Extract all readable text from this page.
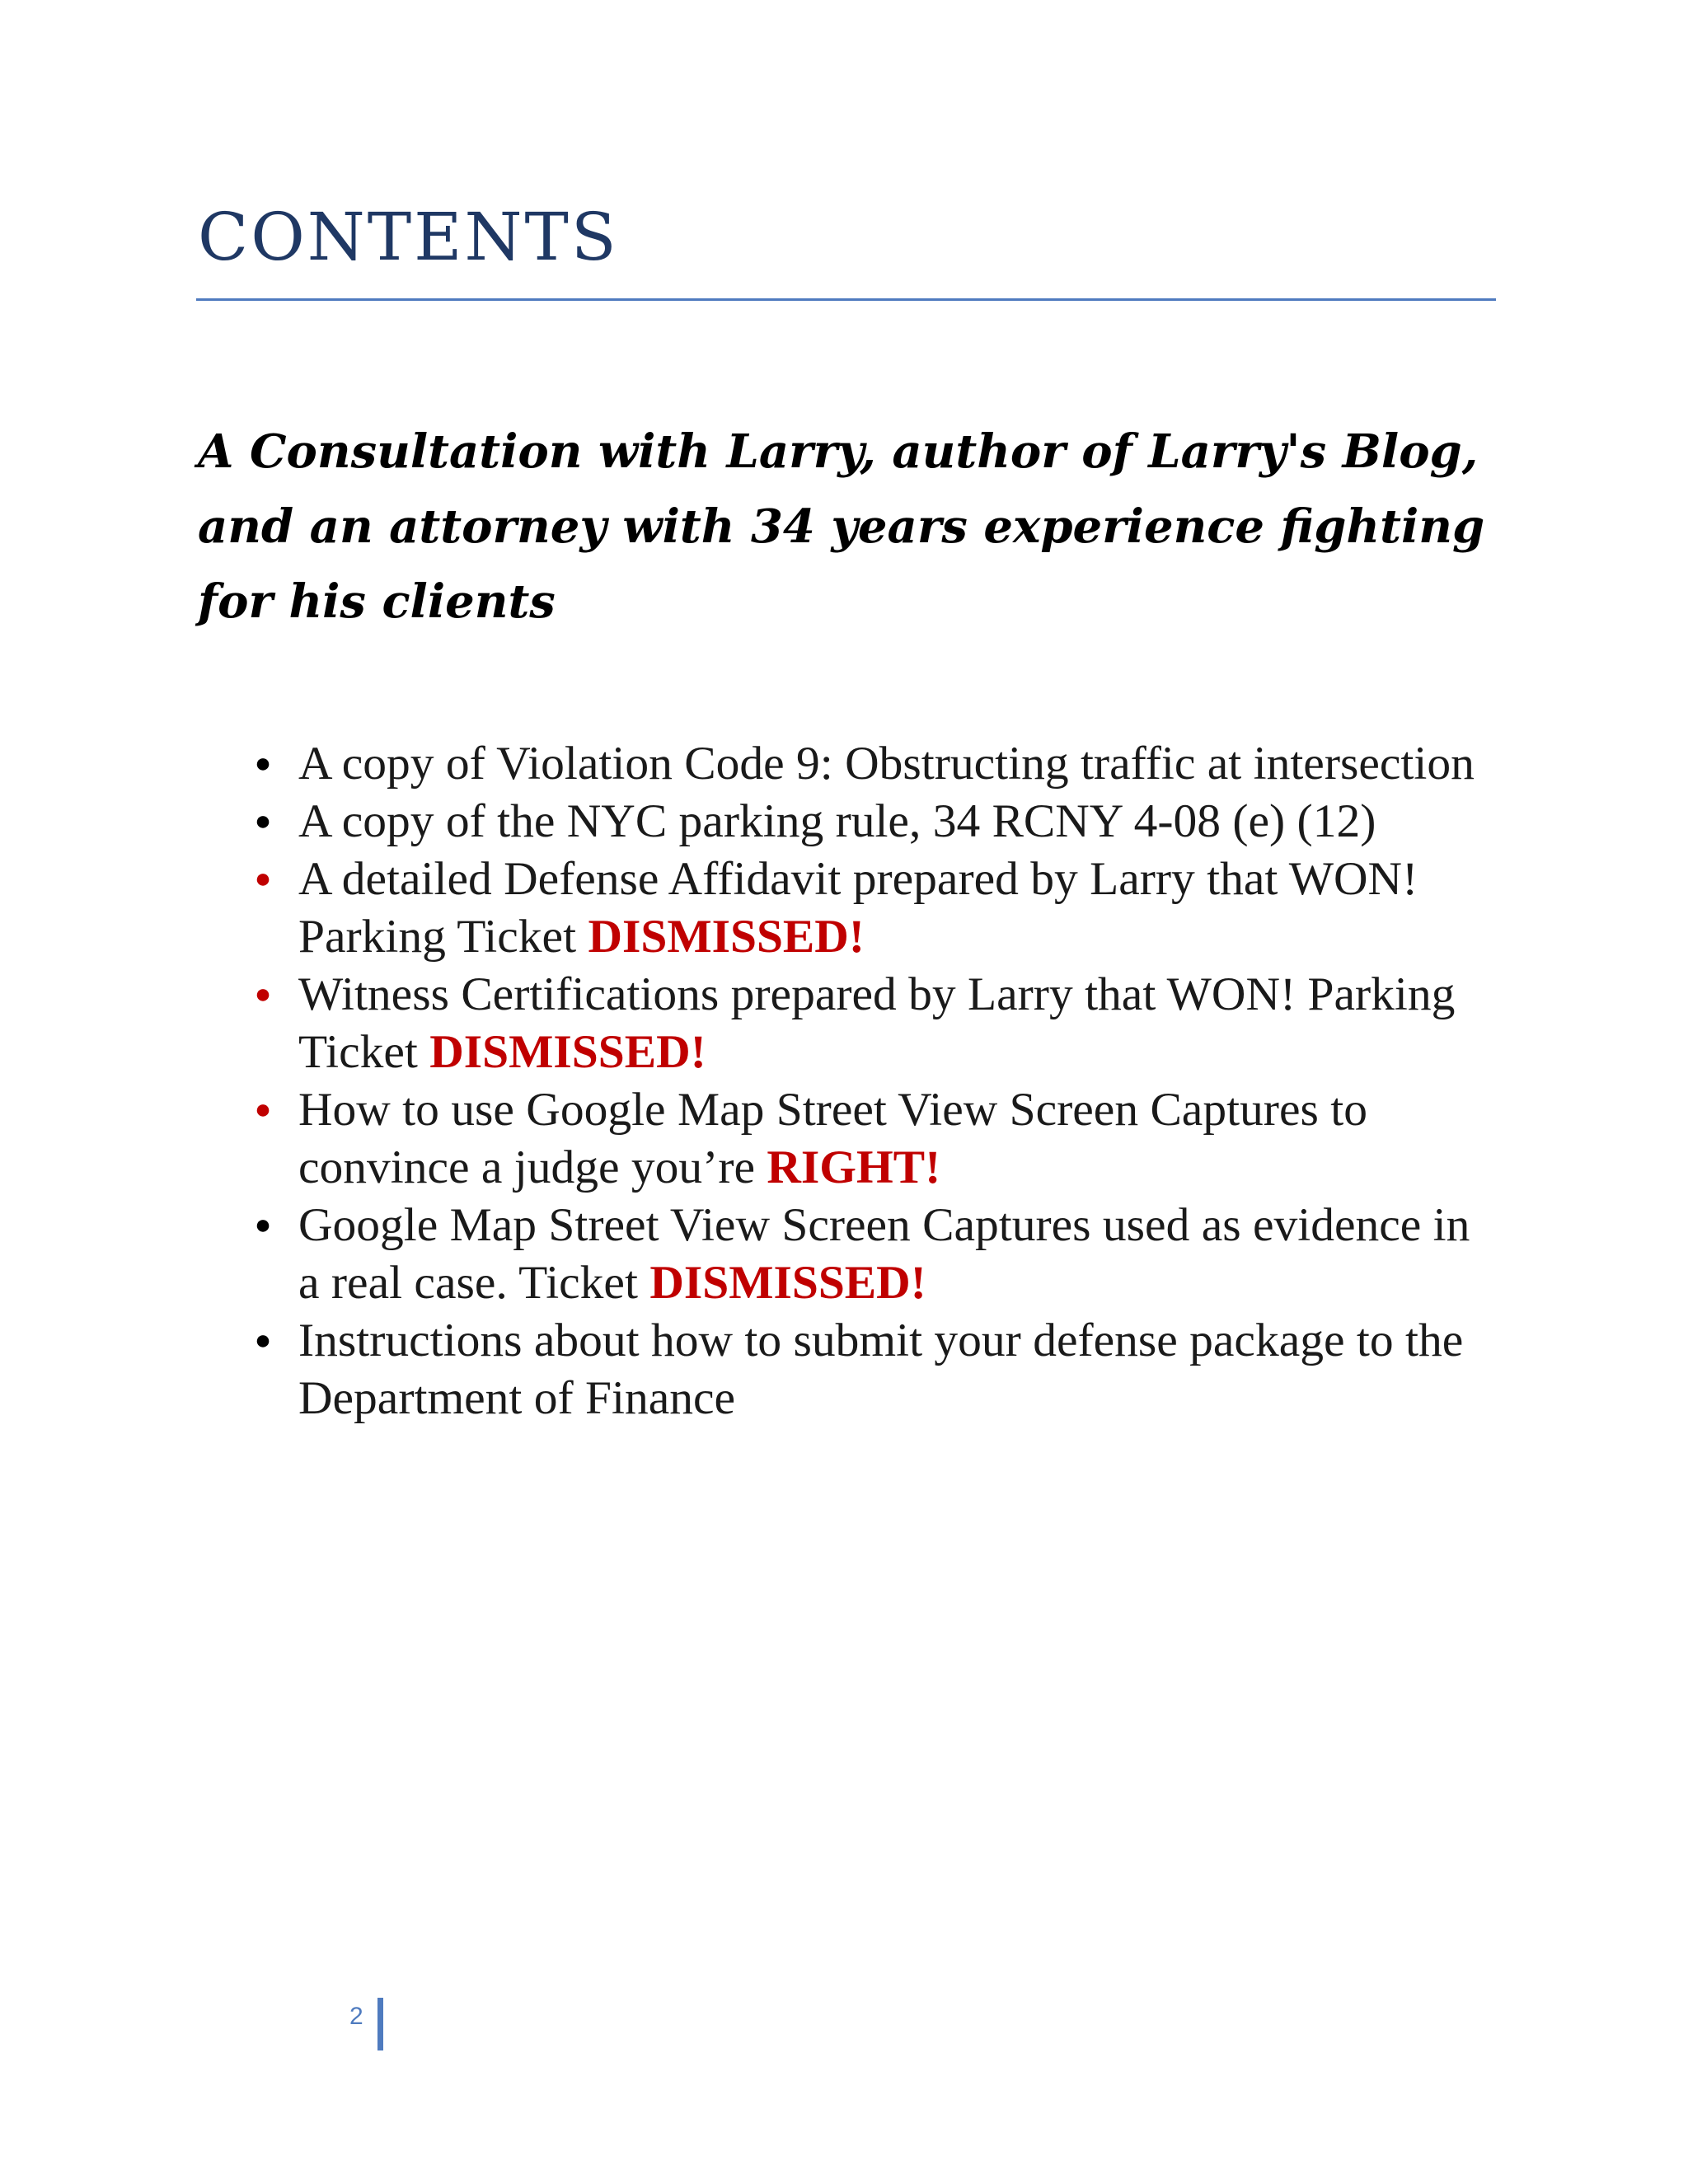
CONTENTS
A Consultation with Larry, author of Larry's Blog, and an attorney with 34 years experience fighting for his clients
● A copy of Violation Code 9: Obstructing traffic at intersection
● A copy of the NYC parking rule, 34 RCNY 4-08 (e) (12)
● A detailed Defense Affidavit prepared by Larry that WON! Parking Ticket DISMISSED!
● Witness Certifications prepared by Larry that WON! Parking Ticket DISMISSED!
● How to use Google Map Street View Screen Captures to convince a judge you’re RIGHT!
● Google Map Street View Screen Captures used as evidence in a real case. Ticket DISMISSED!
● Instructions about how to submit your defense package to the Department of Finance
2
